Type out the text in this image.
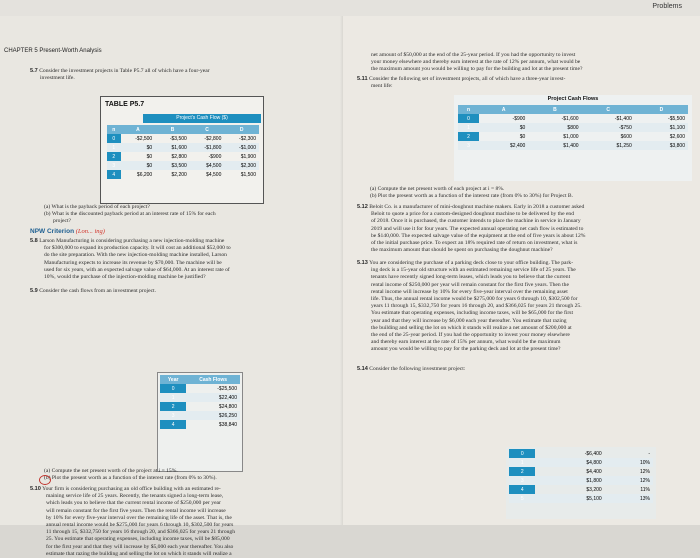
Problems
CHAPTER 5 Present-Worth Analysis
5.7 Consider the investment projects in Table P5.7 all of which have a four-year
investment life.
TABLE P5.7
Project's Cash Flow ($)
n	A	B	C	D
0	-$2,500	-$3,500	-$2,800	-$2,300
1	$0	$1,600	-$1,800	-$1,000
2	$0	$2,800	-$900	$1,900
3	$0	$3,500	$4,500	$2,300
4	$6,200	$2,200	$4,500	$1,500
(a) What is the payback period of each project?
(b) What is the discounted payback period at an interest rate of 15% for each
project?
NPW Criterion (Lon... ing)
5.8 Larson Manufacturing is considering purchasing a new injection-molding machine

for $300,000 to expand its production capacity. It will cost an additional $52,000 to
do the site preparation. With the new injection-molding machine installed, Larson
Manufacturing expects to increase its revenue by $70,000. The machine will be
used for six years, with an expected salvage value of $64,000. At an interest rate of
10%, would the purchase of the injection-molding machine be justified?
5.9 Consider the cash flows from an investment project.
Year	Cash Flows
0	-$25,500
1	$22,400
2	$24,800
3	$26,250
4	$38,840
(a) Compute the net present worth of the project at i = 15%.
(b) Plot the present worth as a function of the interest rate (from 0% to 30%).
5.10 Your firm is considering purchasing an old office building with an estimated re-
maining service life of 25 years. Recently, the tenants signed a long-term lease,
which leads you to believe that the current rental income of $250,000 per year
will remain constant for the first five years. Then the rental income will increase
by 10% for every five-year interval over the remaining life of the asset. That is, the
annual rental income would be $275,000 for years 6 through 10, $302,500 for years
11 through 15, $332,750 for years 16 through 20, and $366,025 for years 21 through
25. You estimate that operating expenses, including income taxes, will be $85,000
for the first year and that they will increase by $5,000 each year thereafter. You also
estimate that razing the building and selling the lot on which it stands will realize a
net amount of $50,000 at the end of the 25-year period. If you had the opportunity to invest
your money elsewhere and thereby earn interest at the rate of 12% per annum, what would be
the maximum amount you would be willing to pay for the building and lot at the present time?
5.11 Consider the following set of investment projects, all of which have a three-year invest-
ment life:
Project Cash Flows
n	A	B	C	D
0	-$900	-$1,600	-$1,400	-$5,500
1	$0	$800	-$750	$1,100
2	$0	$1,000	$600	$2,600
3	$2,400	$1,400	$1,250	$3,800
(a) Compute the net present worth of each project at i = 8%.
(b) Plot the present worth as a function of the interest rate (from 0% to 30%) for Project B.
5.12 Beloit Co. is a manufacturer of mini-doughnut machine makers. Early in 2018 a customer asked
Beloit to quote a price for a custom-designed doughnut machine to be delivered by the end
of 2018. Once it is purchased, the customer intends to place the machine in service in January
2019 and will use it for four years. The expected annual operating net cash flow is estimated to
be $140,000. The expected salvage value of the equipment at the end of five years is about 12%
of the initial purchase price. To expect an 18% required rate of return on investment, what is
the maximum amount that should be spent on purchasing the doughnut machine?
5.13 You are considering the purchase of a parking deck close to your office building. The park-
ing deck is a 15-year old structure with an estimated remaining service life of 25 years. The
tenants have recently signed long-term leases, which leads you to believe that the current
rental income of $250,000 per year will remain constant for the first five years. Then the
rental income will increase by 10% for every five-year interval over the remaining asset
life. Thus, the annual rental income would be $275,000 for years 6 through 10, $302,500 for
years 11 through 15, $332,750 for years 16 through 20, and $366,025 for years 21 through 25.
You estimate that operating expenses, including income taxes, will be $65,000 for the first
year and that they will increase by $6,000 each year thereafter. You estimate that razing
the building and selling the lot on which it stands will realize a net amount of $200,000 at
the end of the 25-year period. If you had the opportunity to invest your money elsewhere
and thereby earn interest at the rate of 15% per annum, what would be the maximum
amount you would be willing to pay for the parking deck and lot at the present time?
5.14 Consider the following investment project:
0	-$6,400	-
1	$4,800	10%
2	$4,400	12%
3	$1,800	12%
4	$3,200	11%
5	$5,100	13%
